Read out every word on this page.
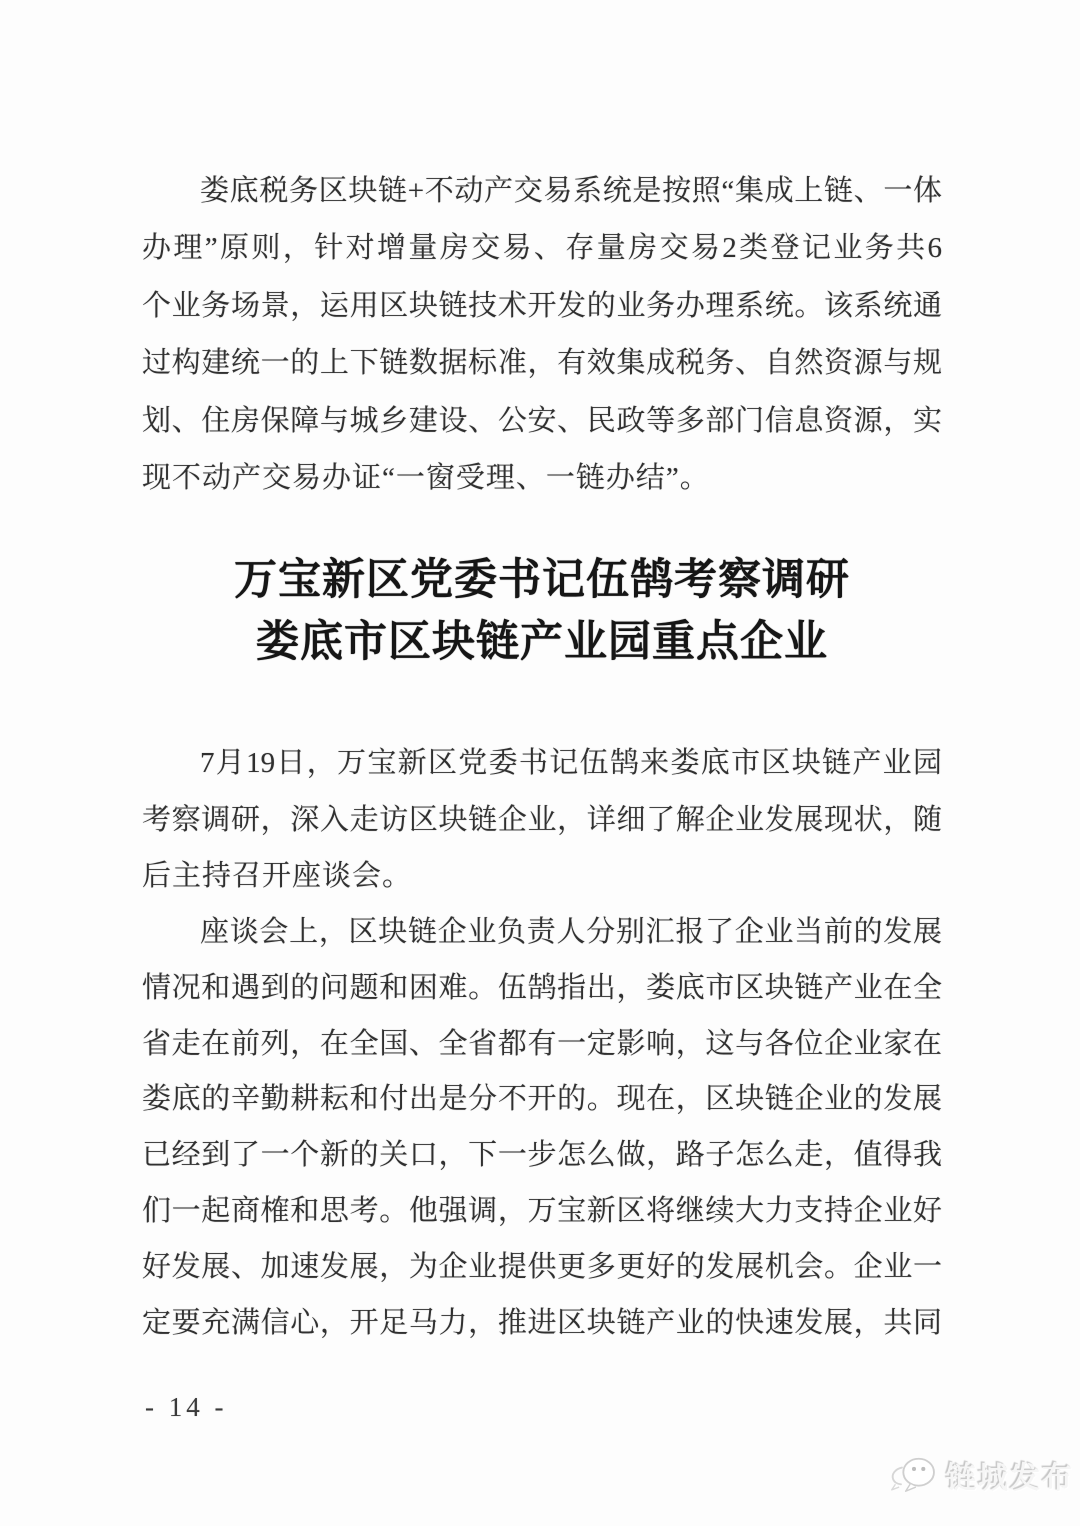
娄底税务区块链+不动产交易系统是按照“集成上链、一体
办理”原则，针对增量房交易、存量房交易2类登记业务共6
个业务场景，运用区块链技术开发的业务办理系统。该系统通
过构建统一的上下链数据标准，有效集成税务、自然资源与规
划、住房保障与城乡建设、公安、民政等多部门信息资源，实
现不动产交易办证“一窗受理、一链办结”。
万宝新区党委书记伍鹄考察调研
娄底市区块链产业园重点企业
7月19日，万宝新区党委书记伍鹄来娄底市区块链产业园
考察调研，深入走访区块链企业，详细了解企业发展现状，随
后主持召开座谈会。
座谈会上，区块链企业负责人分别汇报了企业当前的发展
情况和遇到的问题和困难。伍鹄指出，娄底市区块链产业在全
省走在前列，在全国、全省都有一定影响，这与各位企业家在
娄底的辛勤耕耘和付出是分不开的。现在，区块链企业的发展
已经到了一个新的关口，下一步怎么做，路子怎么走，值得我
们一起商榷和思考。他强调，万宝新区将继续大力支持企业好
好发展、加速发展，为企业提供更多更好的发展机会。企业一
定要充满信心，开足马力，推进区块链产业的快速发展，共同
- 14 -
链城发布
